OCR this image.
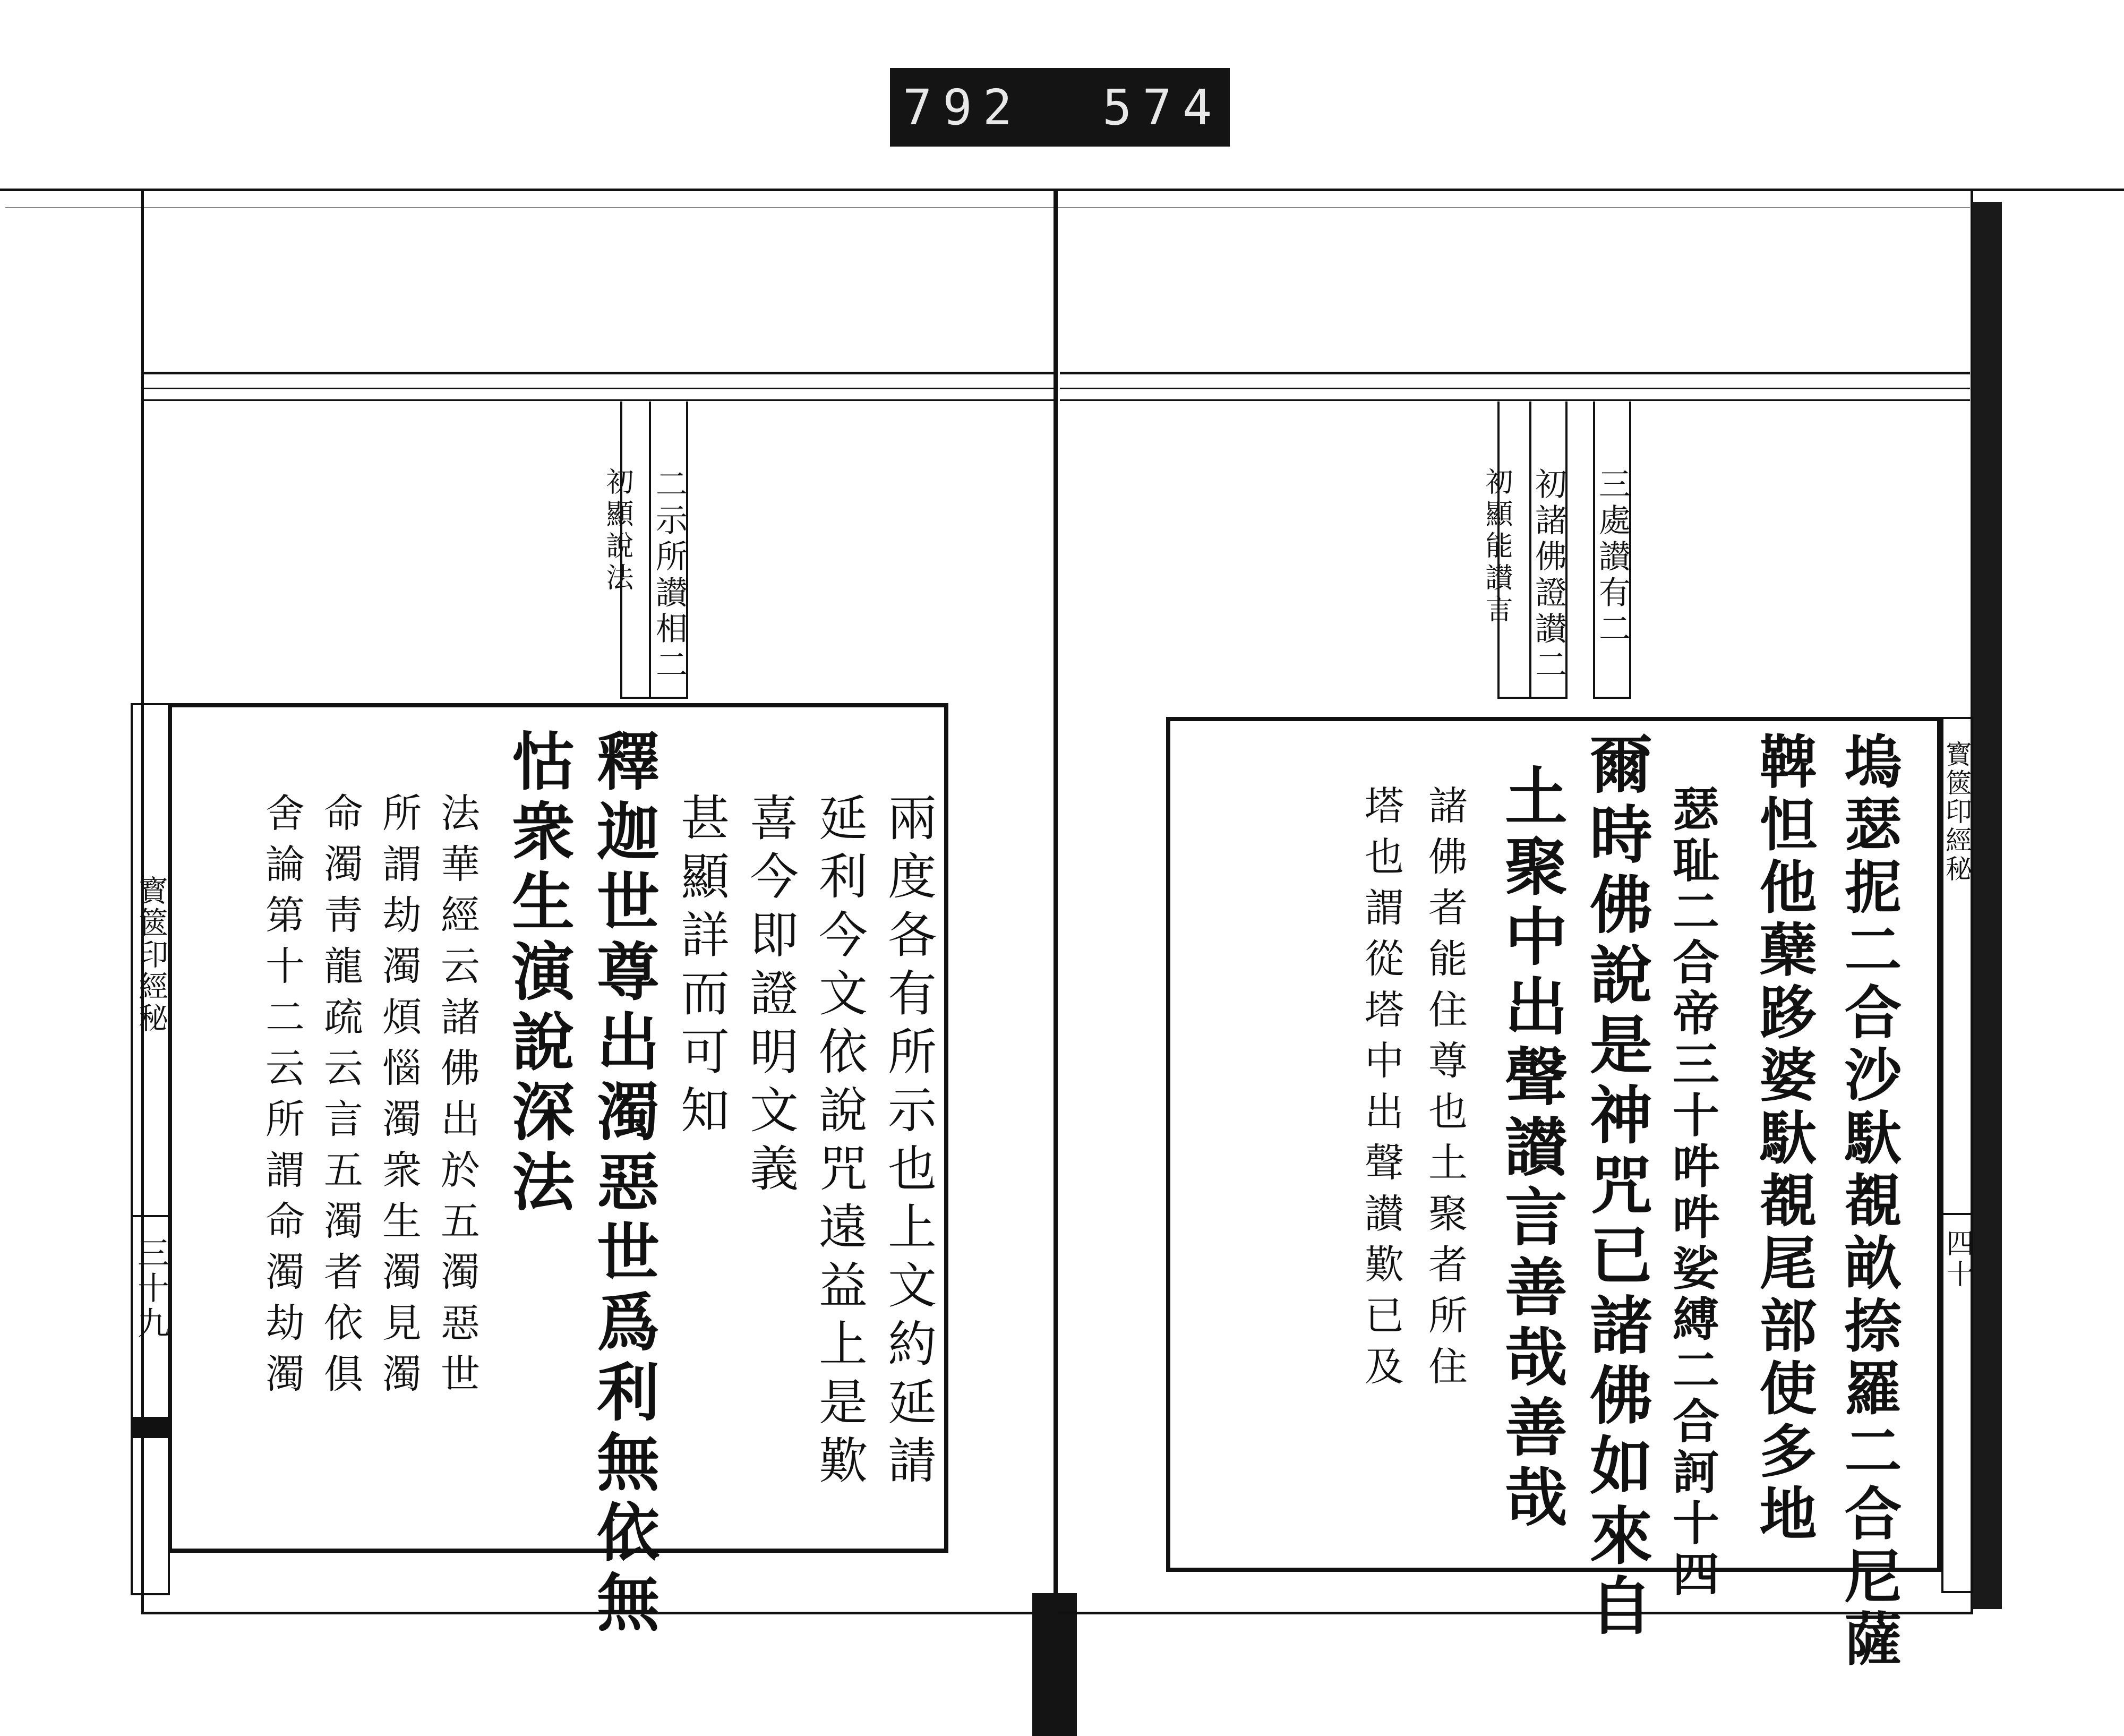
792 574
二示所讃相二
初顯說法	三處讃有二
初諸佛證讃二
初顯能讃言
兩度各有所示也上文約延請
延利今文依說咒遠益上是歎
喜今即證明文義
甚顯詳而可知
釋迦世尊出濁惡世爲利無依無
怙衆生演說深法
法華經云諸佛出於五濁惡世
所謂劫濁煩惱濁衆生濁見濁
命濁靑龍疏云言五濁者依俱
舍論第十二云所謂命濁劫濁
寳篋印經秘
三十九	塢瑟抳二合沙馱覩畝捺羅二合尼薩
鞞怛他蘖跢婆馱覩尾部使多地
瑟耻二合帝三十吽吽娑縛二合訶十四
爾時佛說是神咒已諸佛如來自
土聚中出聲讃言善哉善哉
諸佛者能住尊也土聚者所住
塔也謂從塔中出聲讃歎已及	寳篋印經秘
四十
